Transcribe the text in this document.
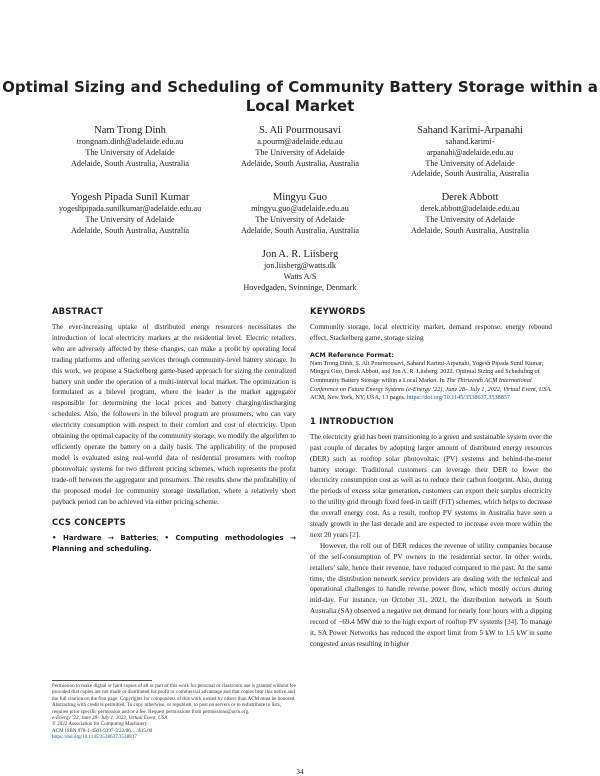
Optimal Sizing and Scheduling of Community Battery Storage within a Local Market
Nam Trong Dinh
trongnam.dinh@adelaide.edu.au
The University of Adelaide
Adelaide, South Australia, Australia
S. Ali Pourmousavi
a.pourm@adelaide.edu.au
The University of Adelaide
Adelaide, South Australia, Australia
Sahand Karimi-Arpanahi
sahand.karimi-
arpanahi@adelaide.edu.au
The University of Adelaide
Adelaide, South Australia, Australia
Yogesh Pipada Sunil Kumar
yogeshpipada.sunilkumar@adelaide.edu.au
The University of Adelaide
Adelaide, South Australia, Australia
Mingyu Guo
mingyu.guo@adelaide.edu.au
The University of Adelaide
Adelaide, South Australia, Australia
Derek Abbott
derek.abbott@adelaide.edu.au
The University of Adelaide
Adelaide, South Australia, Australia
Jon A. R. Liisberg
jon.liisberg@watts.dk
Watts A/S
Hovedgaden, Svinninge, Denmark
ABSTRACT

The ever-increasing uptake of distributed energy resources necessitates the introduction of local electricity markets at the residential level. Electric retailers, who are adversely affected by these changes, can make a profit by operating local trading platforms and offering services through community-level battery storage. In this work, we propose a Stackelberg game-based approach for sizing the centralized battery unit under the operation of a multi-interval local market. The optimization is formulated as a bilevel program, where the leader is the market aggregator responsible for determining the local prices and battery charging/discharging schedules. Also, the followers in the bilevel program are prosumers, who can vary electricity consumption with respect to their comfort and cost of electricity. Upon obtaining the optimal capacity of the community storage, we modify the algorithm to efficiently operate the battery on a daily basis. The applicability of the proposed model is evaluated using real-world data of residential prosumers with rooftop photovoltaic systems for two different pricing schemes, which represents the profit trade-off between the aggregator and prosumers. The results show the profitability of the proposed model for community storage installation, where a relatively short payback period can be achieved via either pricing scheme.

CCS CONCEPTS

• Hardware → Batteries; • Computing methodologies → Planning and scheduling.

Permission to make digital or hard copies of all or part of this work for personal or classroom use is granted without fee provided that copies are not made or distributed for profit or commercial advantage and that copies bear this notice and the full citation on the first page. Copyrights for components of this work owned by others than ACM must be honored. Abstracting with credit is permitted. To copy otherwise, or republish, to post on servers or to redistribute to lists, requires prior specific permission and/or a fee. Request permissions from permissions@acm.org.
e-Energy ’22, June 28– July 1, 2022, Virtual Event, USA
© 2022 Association for Computing Machinery.
ACM ISBN 978-1-4503-9397-3/22/06. . . $15.00
https://doi.org/10.1145/3538637.3538837
KEYWORDS

Community storage, local electricity market, demand response, energy rebound effect, Stackelberg game, storage sizing

ACM Reference Format:

Nam Trong Dinh, S. Ali Pourmousavi, Sahand Karimi-Arpanahi, Yogesh Pipada Sunil Kumar, Mingyu Guo, Derek Abbott, and Jon A. R. Liisberg. 2022. Optimal Sizing and Scheduling of Community Battery Storage within a Local Market. In The Thirteenth ACM International Conference on Future Energy Systems (e-Energy ’22), June 28– July 1, 2022, Virtual Event, USA. ACM, New York, NY, USA, 13 pages. https://doi.org/10.1145/3538637.3538837

1 INTRODUCTION

The electricity grid has been transitioning to a green and sustainable system over the past couple of decades by adopting larger amount of distributed energy resources (DER) such as rooftop solar photovoltaic (PV) systems and behind-the-meter battery storage. Traditional customers can leverage their DER to lower the electricity consumption cost as well as to reduce their carbon footprint. Also, during the periods of excess solar generation, customers can export their surplus electricity to the utility grid through fixed feed-in tariff (FiT) schemes, which helps to decrease the overall energy cost. As a result, rooftop PV systems in Australia have seen a steady growth in the last decade and are expected to increase even more within the next 20 years [2].

However, the roll out of DER reduces the revenue of utility companies because of the self-consumption of PV owners in the residential sector. In other words, retailers’ sale, hence their revenue, have reduced compared to the past. At the same time, the distribution network service providers are dealing with the technical and operational challenges to handle reverse power flow, which mostly occurs during mid-day. For instance, on October 31, 2021, the distribution network in South Australia (SA) observed a negative net demand for nearly four hours with a dipping record of −69.4 MW due to the high export of rooftop PV systems [34]. To manage it, SA Power Networks has reduced the export limit from 5 kW to 1.5 kW in some congested areas resulting in higher

34
